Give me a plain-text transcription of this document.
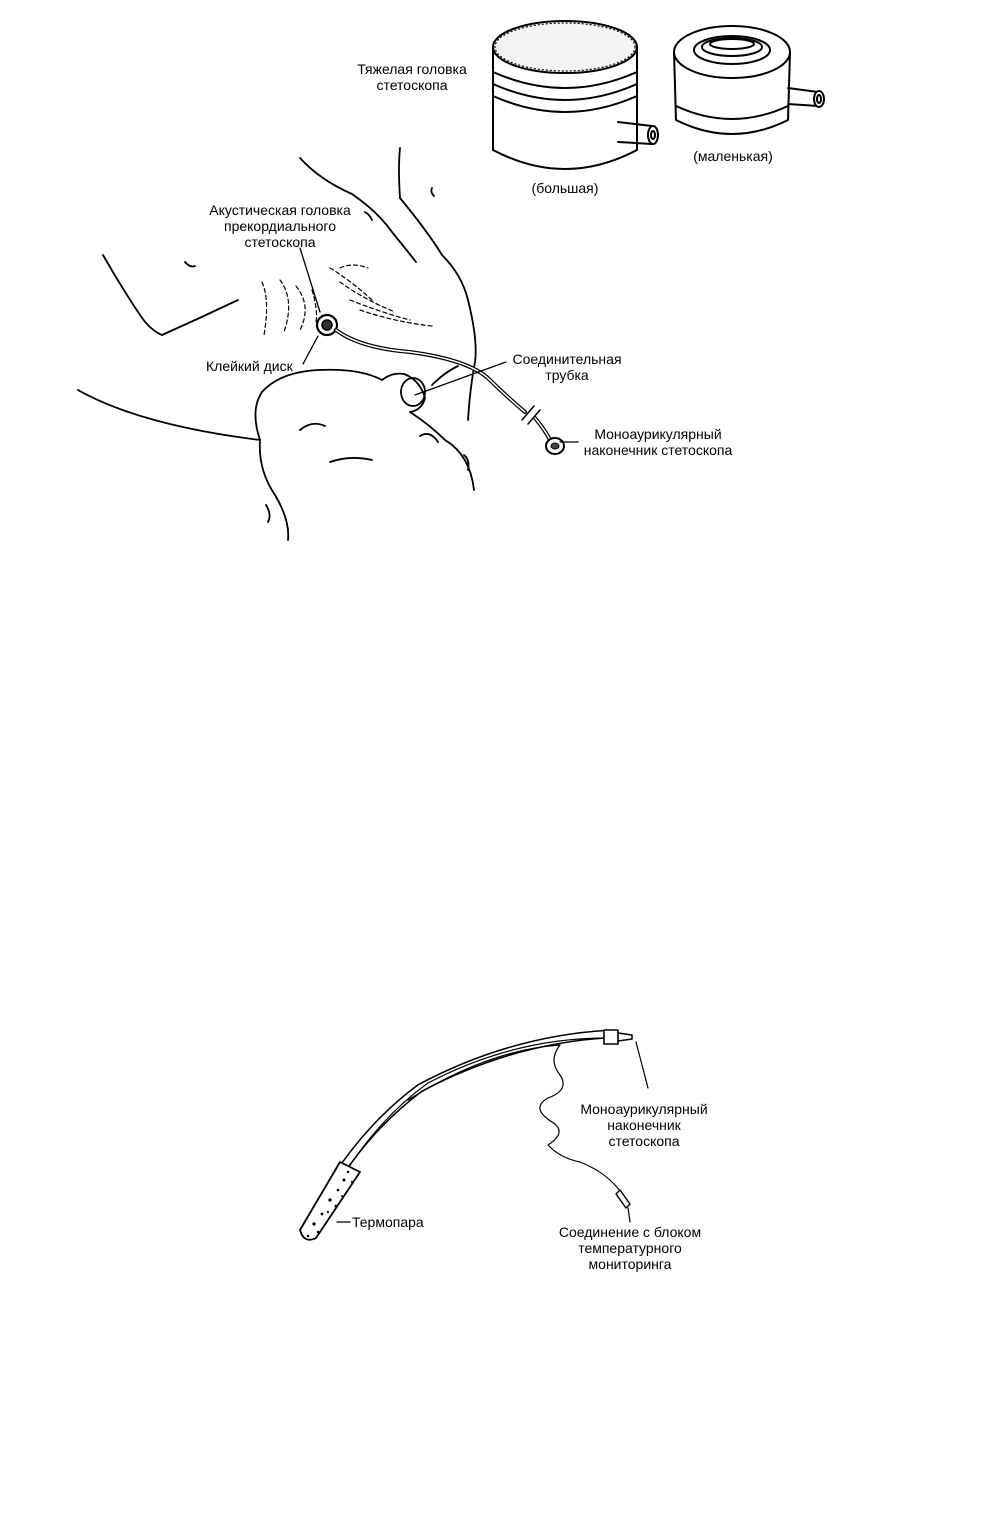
Тяжелая головка
стетоскопа
(большая)
(маленькая)
Акустическая головка
прекордиального
стетоскопа
Клейкий диск	Соединительная
трубка
Моноаурикулярный
наконечник стетоскопа
Моноаурикулярный
наконечник
стетоскопа
Термопара
Соединение с блоком
температурного
мониторинга
